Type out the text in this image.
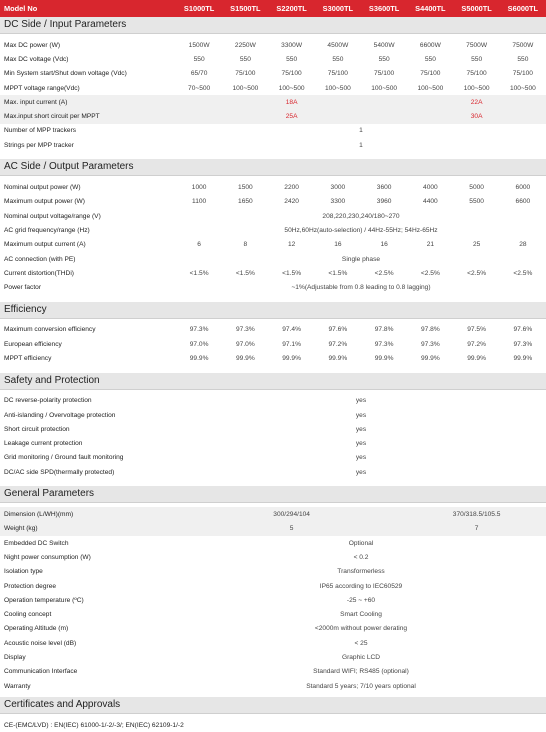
Model No	S1000TL	S1500TL	S2200TL	S3000TL	S3600TL	S4400TL	S5000TL	S6000TL
DC Side / Input Parameters
Max DC power (W)	1500W	2250W	3300W	4500W	5400W	6600W	7500W	7500W
Max DC voltage (Vdc)	550	550	550	550	550	550	550	550
Min System start/Shut down voltage (Vdc)	65/70	75/100	75/100	75/100	75/100	75/100	75/100	75/100
MPPT voltage range(Vdc)	70~500	100~500	100~500	100~500	100~500	100~500	100~500	100~500
Max. input current (A)	18A	22A
Max.input short circuit per MPPT	25A	30A
Number of MPP trackers	1
Strings per MPP tracker	1
AC Side / Output Parameters
Nominal output power (W)	1000	1500	2200	3000	3600	4000	5000	6000
Maximum output power (W)	1100	1650	2420	3300	3960	4400	5500	6600
Nominal output voltage/range (V)	208,220,230,240/180~270
AC grid frequency/range (Hz)	50Hz,60Hz(auto-selection) / 44Hz-55Hz; 54Hz-65Hz
Maximum output current (A)	6	8	12	16	16	21	25	28
AC connection (with PE)	Single phase
Current distortion(THDi)	<1.5%	<1.5%	<1.5%	<1.5%	<2.5%	<2.5%	<2.5%	<2.5%
Power factor	~1%(Adjustable from 0.8 leading to 0.8 lagging)
Efficiency
Maximum conversion efficiency	97.3%	97.3%	97.4%	97.6%	97.8%	97.8%	97.5%	97.6%
European efficiency	97.0%	97.0%	97.1%	97.2%	97.3%	97.3%	97.2%	97.3%
MPPT efficiency	99.9%	99.9%	99.9%	99.9%	99.9%	99.9%	99.9%	99.9%
Safety and Protection
DC reverse-polarity protection	yes
Anti-islanding / Overvoltage protection	yes
Short circuit protection	yes
Leakage current protection	yes
Grid monitoring / Ground fault monitoring	yes
DC/AC side SPD(thermally protected)	yes
General Parameters
Dimension (L/WH)(mm)	300/294/104	370/318.5/105.5
Weight (kg)	5	7
Embedded DC Switch	Optional
Night power consumption (W)	< 0.2
Isolation type	Transformerless
Protection degree	IP65 according to IEC60529
Operation temperature (ºC)	-25 ~ +60
Cooling concept	Smart Cooling
Operating Altitude (m)	<2000m without power derating
Acoustic noise level (dB)	< 25
Display	Graphic LCD
Communication Interface	Standard WIFI; RS485 (optional)
Warranty	Standard 5 years; 7/10 years optional
Certificates and Approvals
CE-(EMC/LVD) : EN(IEC) 61000-1/-2/-3/; EN(IEC) 62109-1/-2
